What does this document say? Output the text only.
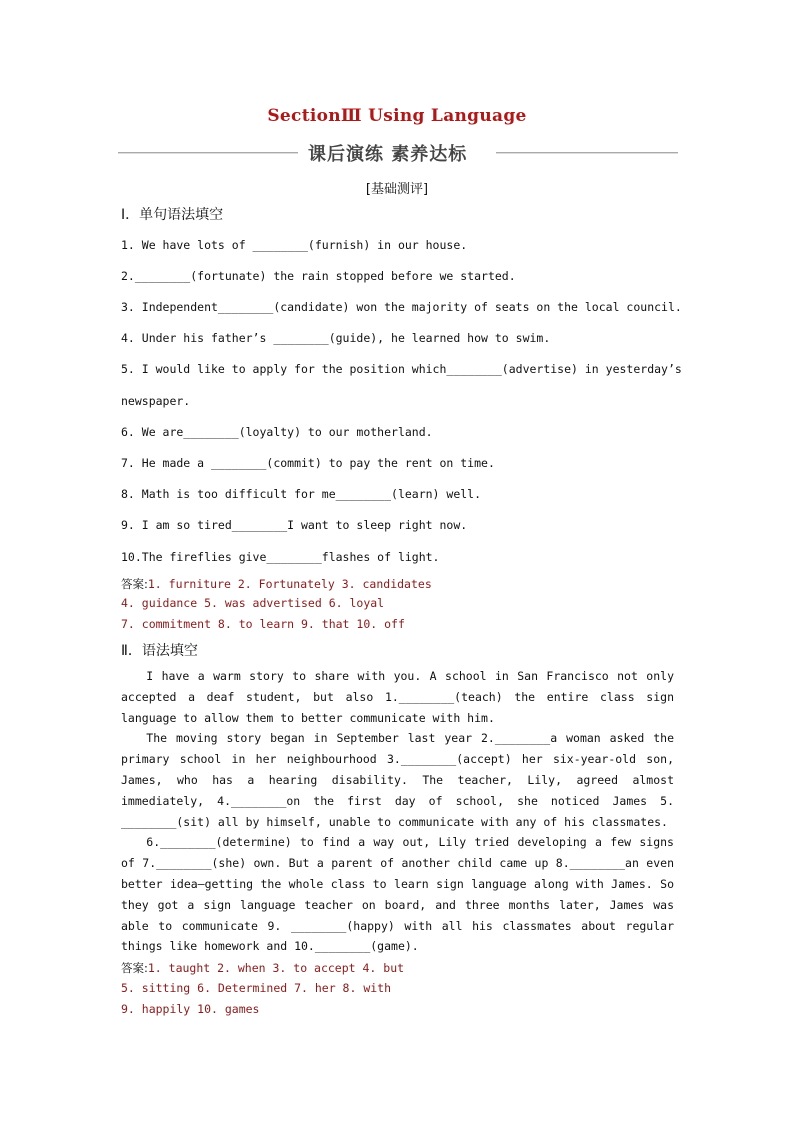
SectionⅢ Using Language
课后演练 素养达标
[基础测评]
Ⅰ．单句语法填空
1. We have lots of ________(furnish) in our house.
2.________(fortunate) the rain stopped before we started.
3. Independent________(candidate) won the majority of seats on the local council.
4. Under his father’s ________(guide), he learned how to swim.
5. I would like to apply for the position which________(advertise) in yesterday’s
newspaper.
6. We are________(loyalty) to our motherland.
7. He made a ________(commit) to pay the rent on time.
8. Math is too difficult for me________(learn) well.
9. I am so tired________I want to sleep right now.
10.The fireflies give________flashes of light.
答案:1. furniture 2. Fortunately 3. candidates
4. guidance 5. was advertised 6. loyal
7. commitment 8. to learn 9. that 10. off
Ⅱ．语法填空

I have a warm story to share with you. A school in San Francisco not only accepted a deaf student, but also 1.________(teach) the entire class sign language to allow them to better communicate with him.

The moving story began in September last year 2.________a woman asked the primary school in her neighbourhood 3.________(accept) her six-year-old son, James, who has a hearing disability. The teacher, Lily, agreed almost immediately, 4.________on the first day of school, she noticed James 5. ________(sit) all by himself, unable to communicate with any of his classmates.

6.________(determine) to find a way out, Lily tried developing a few signs of 7.________(she) own. But a parent of another child came up 8.________an even better idea—getting the whole class to learn sign language along with James. So they got a sign language teacher on board, and three months later, James was able to communicate 9. ________(happy) with all his classmates about regular things like homework and 10.________(game).

答案:1. taught 2. when 3. to accept 4. but
5. sitting 6. Determined 7. her 8. with
9. happily 10. games
